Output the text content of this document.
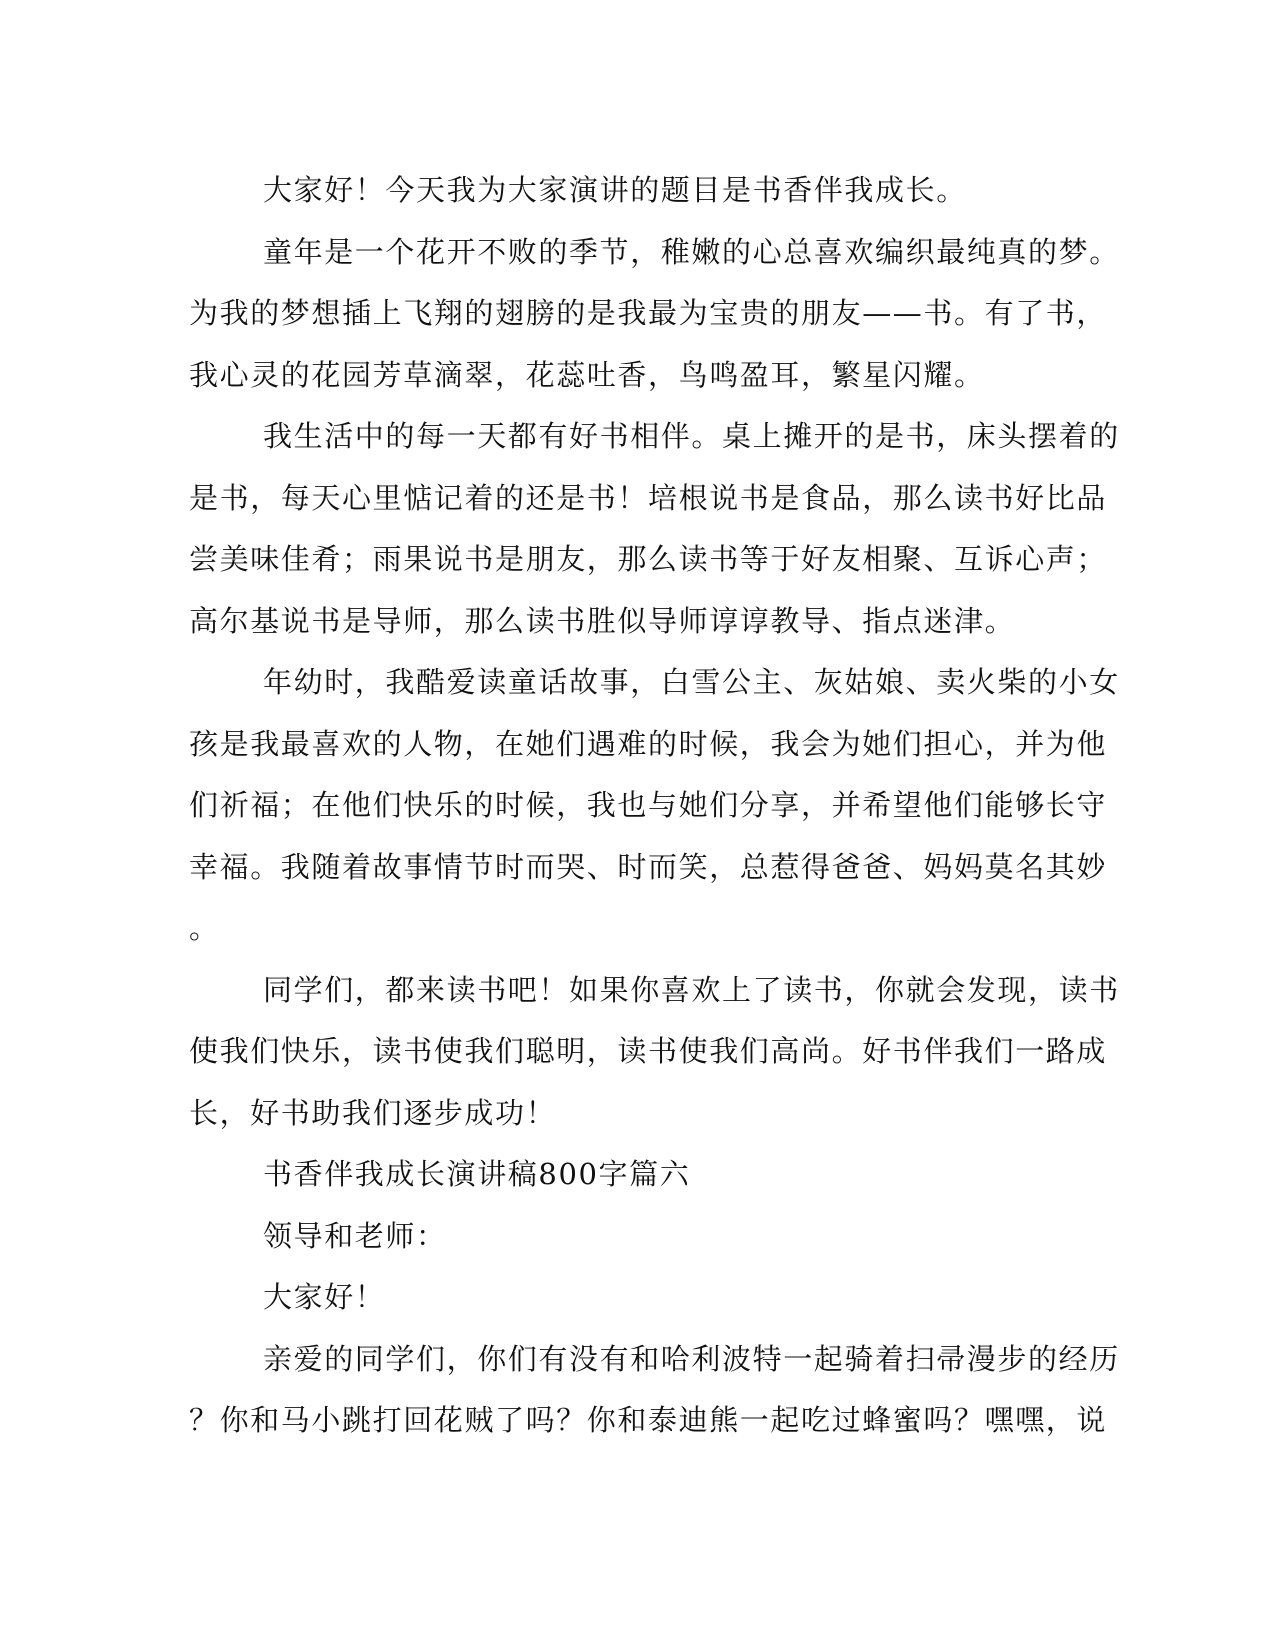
大家好！今天我为大家演讲的题目是书香伴我成长。
童年是一个花开不败的季节，稚嫩的心总喜欢编织最纯真的梦。
为我的梦想插上飞翔的翅膀的是我最为宝贵的朋友——书。有了书，
我心灵的花园芳草滴翠，花蕊吐香，鸟鸣盈耳，繁星闪耀。
我生活中的每一天都有好书相伴。桌上摊开的是书，床头摆着的
是书，每天心里惦记着的还是书！培根说书是食品，那么读书好比品
尝美味佳肴；雨果说书是朋友，那么读书等于好友相聚、互诉心声；
高尔基说书是导师，那么读书胜似导师谆谆教导、指点迷津。
年幼时，我酷爱读童话故事，白雪公主、灰姑娘、卖火柴的小女
孩是我最喜欢的人物，在她们遇难的时候，我会为她们担心，并为他
们祈福；在他们快乐的时候，我也与她们分享，并希望他们能够长守
幸福。我随着故事情节时而哭、时而笑，总惹得爸爸、妈妈莫名其妙
。
同学们，都来读书吧！如果你喜欢上了读书，你就会发现，读书
使我们快乐，读书使我们聪明，读书使我们高尚。好书伴我们一路成
长，好书助我们逐步成功！
书香伴我成长演讲稿800字篇六
领导和老师：
大家好！
亲爱的同学们，你们有没有和哈利波特一起骑着扫帚漫步的经历
？你和马小跳打回花贼了吗？你和泰迪熊一起吃过蜂蜜吗？嘿嘿，说
